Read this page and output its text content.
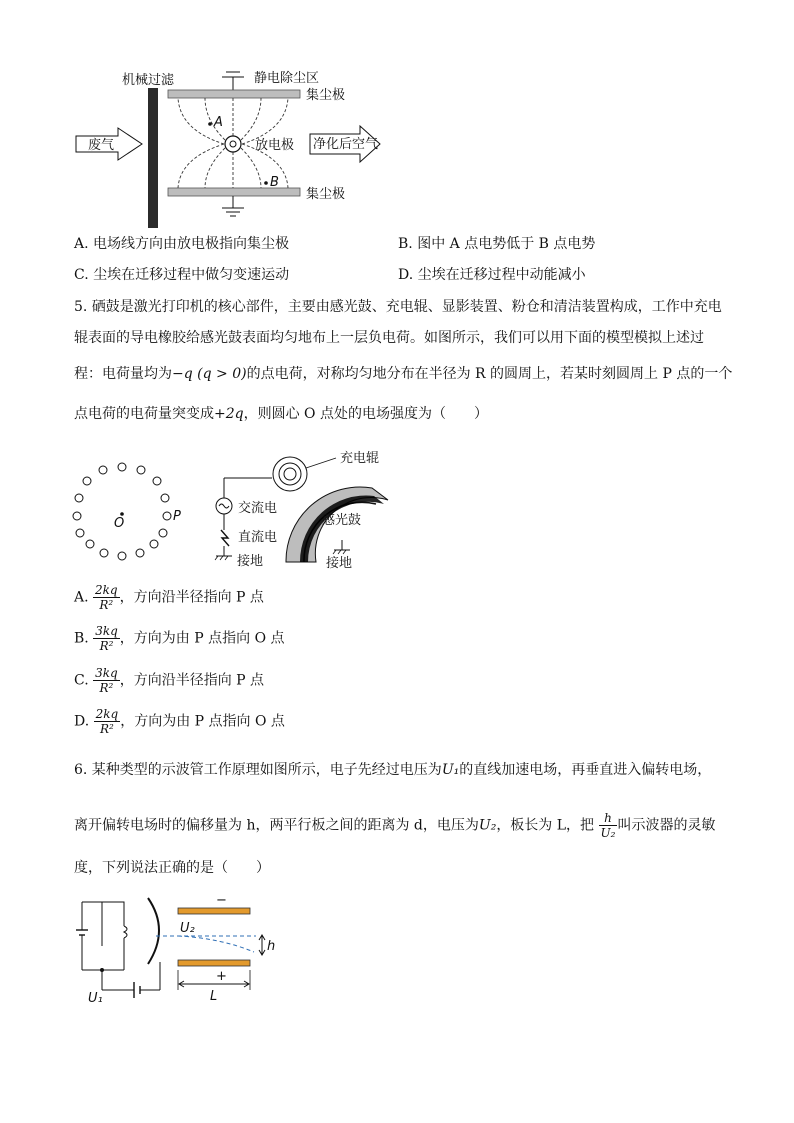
机械过滤	静电除尘区
集尘极
集尘极
放电极
A
B
废气	净化后空气
A. 电场线方向由放电极指向集尘极	B. 图中 A 点电势低于 B 点电势
C. 尘埃在迁移过程中做匀变速运动	D. 尘埃在迁移过程中动能减小
5. 硒鼓是激光打印机的核心部件，主要由感光鼓、充电辊、显影装置、粉仓和清洁装置构成，工作中充电
辊表面的导电橡胶给感光鼓表面均匀地布上一层负电荷。如图所示，我们可以用下面的模型模拟上述过
程：电荷量均为−q (q > 0)的点电荷，对称均匀地分布在半径为 R 的圆周上，若某时刻圆周上 P 点的一个
点电荷的电荷量突变成+2q，则圆心 O 点处的电场强度为（　　）
O	P
交流电
直流电
接地
充电辊
感光鼓
接地
A. $\frac{2kq}{\text{R²}}$ ，方向沿半径指向 P 点
B. $\frac{3kq}{\text{R²}}$ ，方向为由 P 点指向 O 点
C. $\frac{3kq}{\text{R²}}$ ，方向沿半径指向 P 点
D. $\frac{2kq}{\text{R²}}$ ，方向为由 P 点指向 O 点
6. 某种类型的示波管工作原理如图所示，电子先经过电压为U₁的直线加速电场，再垂直进入偏转电场，
离开偏转电场时的偏移量为 h，两平行板之间的距离为 d，电压为U₂，板长为 L，把 $\frac{h}{\text{U₂}}$ 叫示波器的灵敏
度，下列说法正确的是（　　）
U₁
−
+
U₂
h
L
